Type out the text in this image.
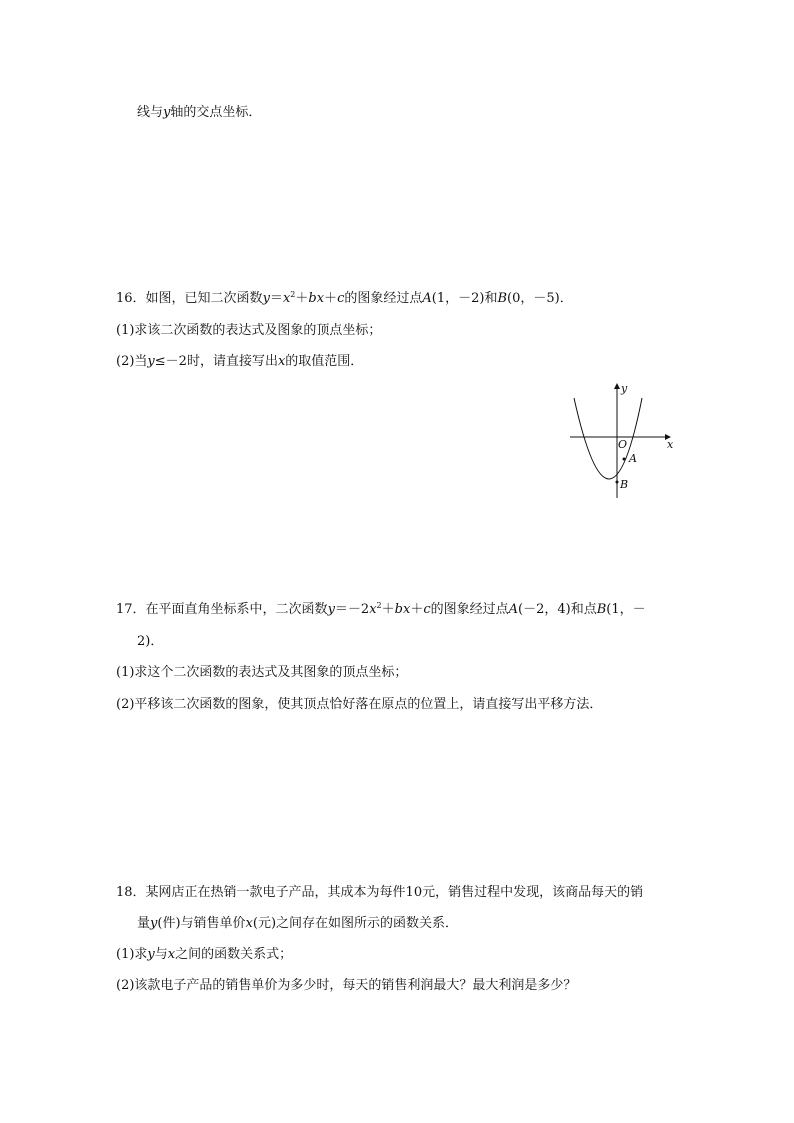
线与y轴的交点坐标．
16．如图，已知二次函数$y=x^2+bx+c$的图象经过点A(1，－2)和B(0，－5)．
(1)求该二次函数的表达式及图象的顶点坐标；
(2)当y≤－2时，请直接写出x的取值范围．
y
x
O
A
B
17．在平面直角坐标系中，二次函数$y=-2x^2+bx+c$的图象经过点A(－2，4)和点B(1，－
2)．
(1)求这个二次函数的表达式及其图象的顶点坐标；
(2)平移该二次函数的图象，使其顶点恰好落在原点的位置上，请直接写出平移方法．
18．某网店正在热销一款电子产品，其成本为每件10元，销售过程中发现，该商品每天的销
量y(件)与销售单价x(元)之间存在如图所示的函数关系．
(1)求y与x之间的函数关系式；
(2)该款电子产品的销售单价为多少时，每天的销售利润最大？最大利润是多少？
